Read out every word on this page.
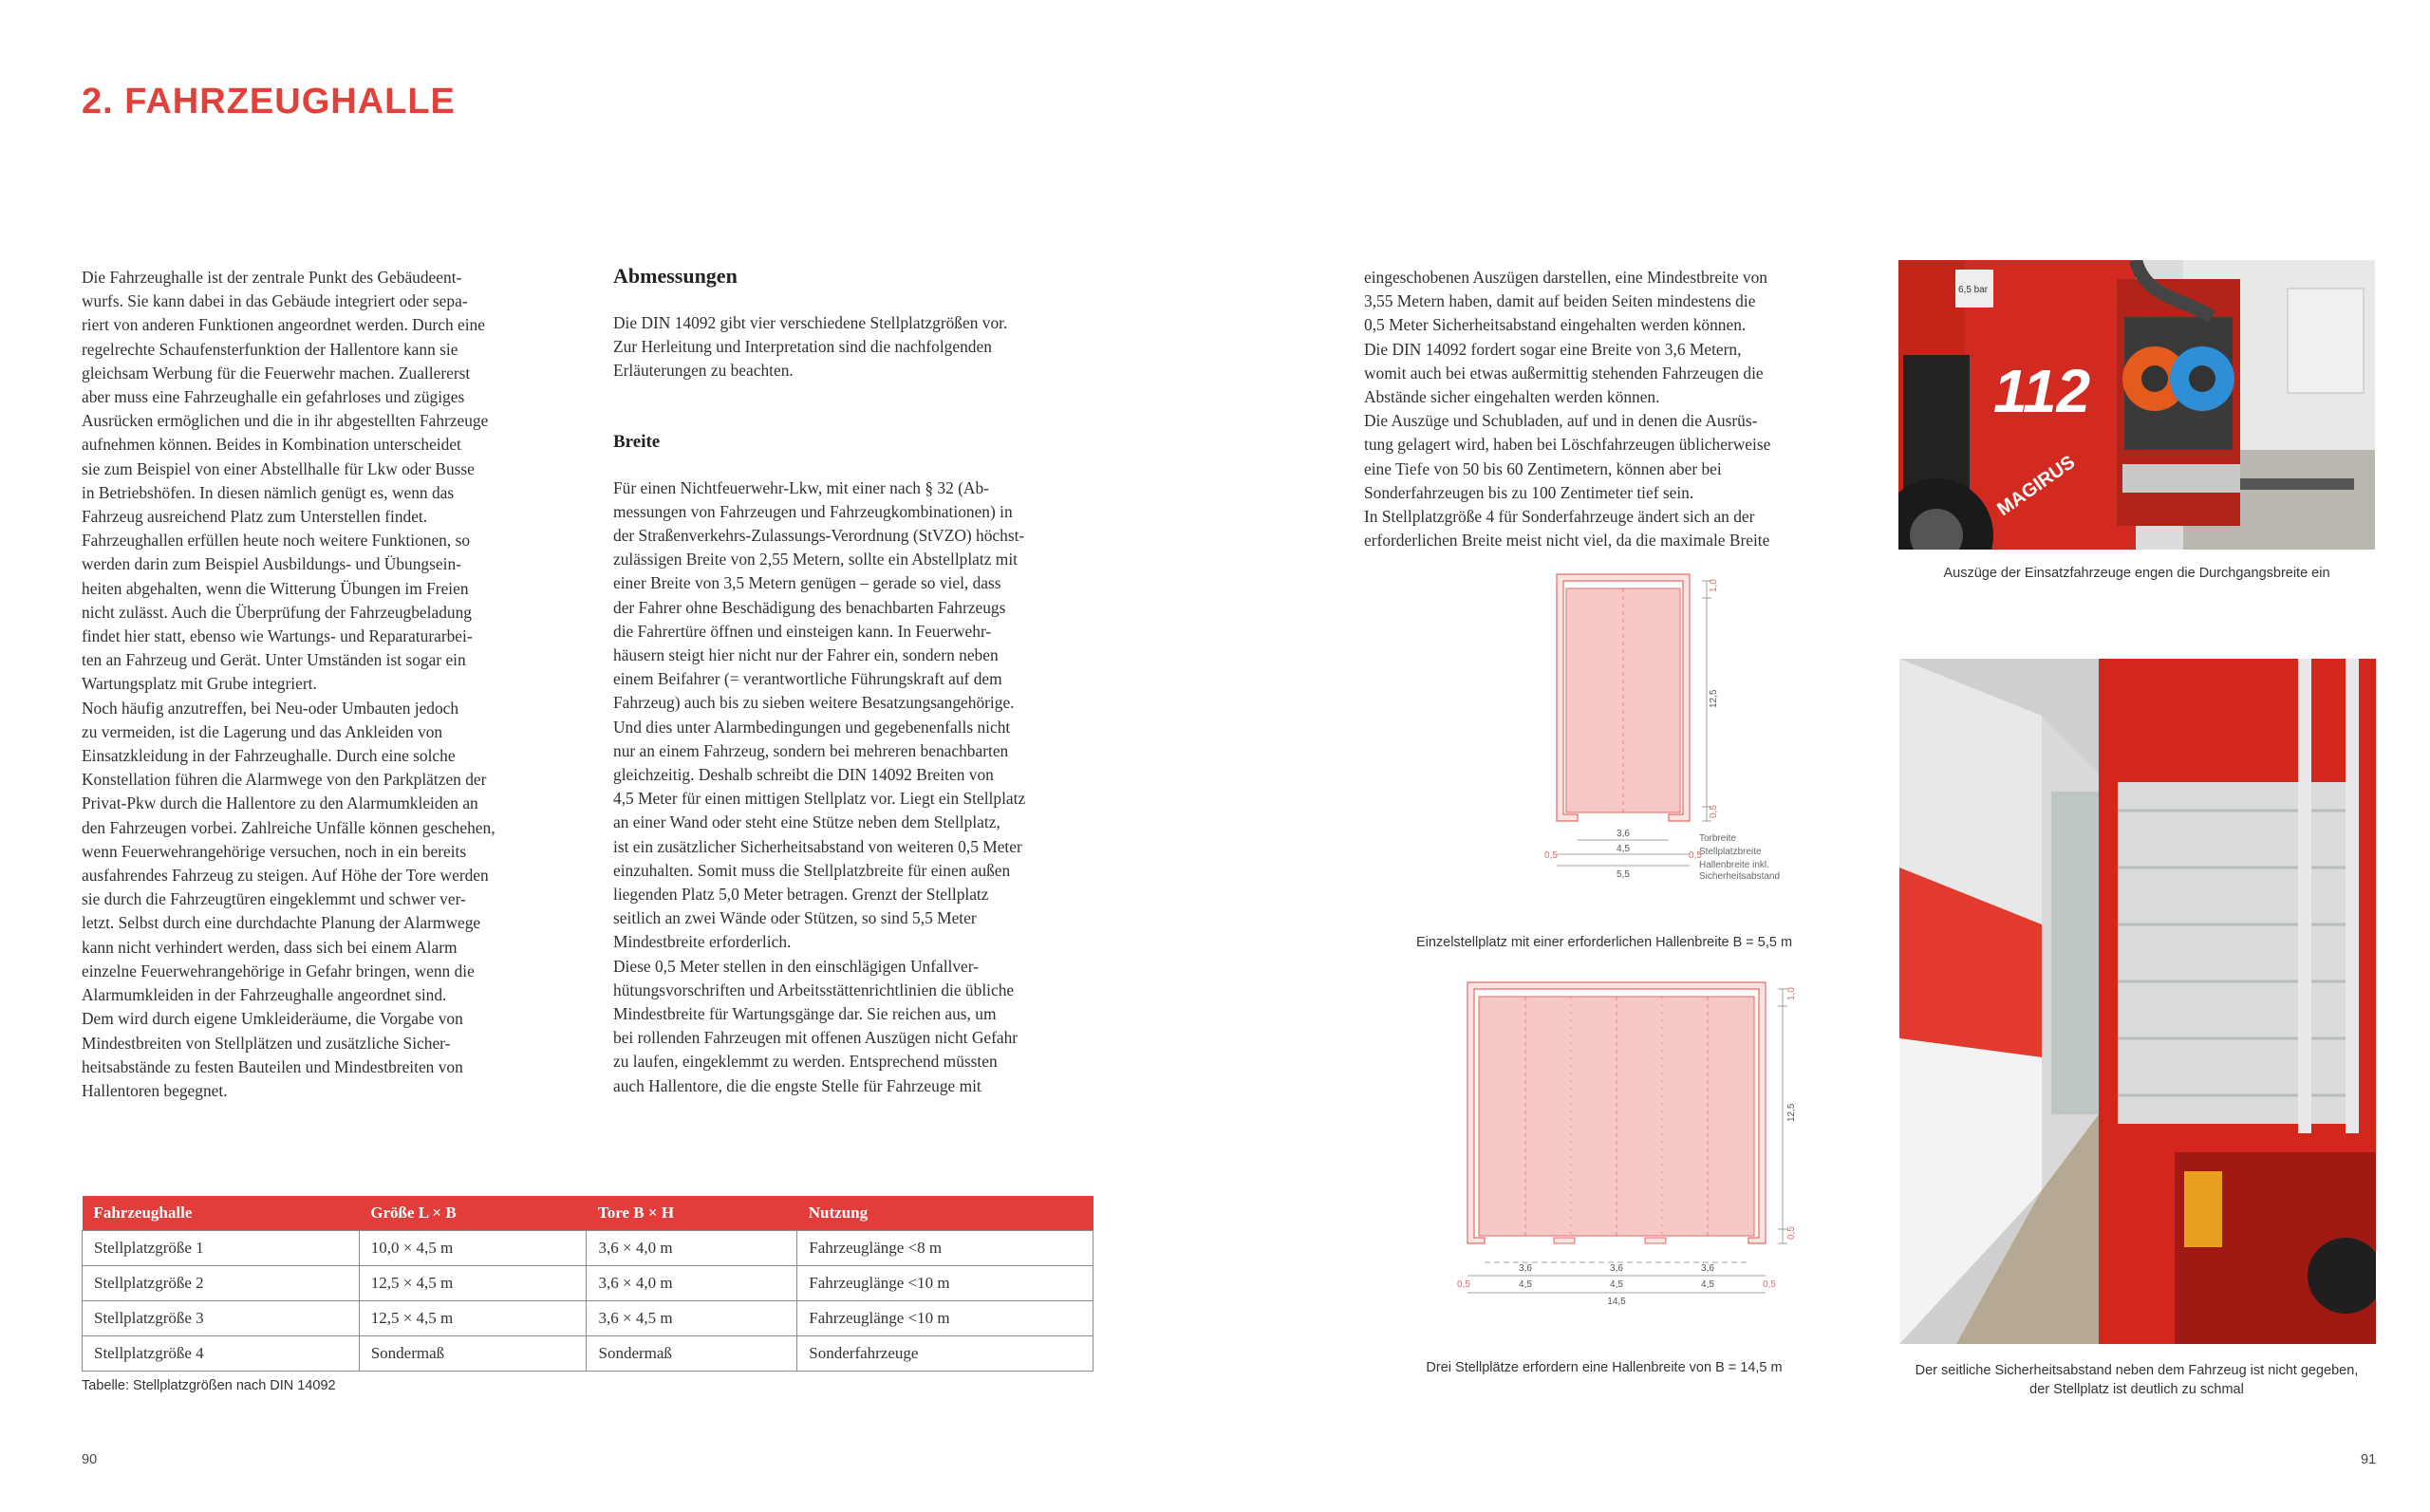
2. FAHRZEUGHALLE

Die Fahrzeughalle ist der zentrale Punkt des Gebäudeent-

wurfs. Sie kann dabei in das Gebäude integriert oder sepa-

riert von anderen Funktionen angeordnet werden. Durch eine

regelrechte Schaufensterfunktion der Hallentore kann sie

gleichsam Werbung für die Feuerwehr machen. Zuallererst

aber muss eine Fahrzeughalle ein gefahrloses und zügiges

Ausrücken ermöglichen und die in ihr abgestellten Fahrzeuge

aufnehmen können. Beides in Kombination unterscheidet

sie zum Beispiel von einer Abstellhalle für Lkw oder Busse

in Betriebshöfen. In diesen nämlich genügt es, wenn das

Fahrzeug ausreichend Platz zum Unterstellen findet.

Fahrzeughallen erfüllen heute noch weitere Funktionen, so

werden darin zum Beispiel Ausbildungs- und Übungsein-

heiten abgehalten, wenn die Witterung Übungen im Freien

nicht zulässt. Auch die Überprüfung der Fahrzeugbeladung

findet hier statt, ebenso wie Wartungs- und Reparaturarbei-

ten an Fahrzeug und Gerät. Unter Umständen ist sogar ein

Wartungsplatz mit Grube integriert.

Noch häufig anzutreffen, bei Neu-oder Umbauten jedoch

zu vermeiden, ist die Lagerung und das Ankleiden von

Einsatzkleidung in der Fahrzeughalle. Durch eine solche

Konstellation führen die Alarmwege von den Parkplätzen der

Privat-Pkw durch die Hallentore zu den Alarmumkleiden an

den Fahrzeugen vorbei. Zahlreiche Unfälle können geschehen,

wenn Feuerwehrangehörige versuchen, noch in ein bereits

ausfahrendes Fahrzeug zu steigen. Auf Höhe der Tore werden

sie durch die Fahrzeugtüren eingeklemmt und schwer ver-

letzt. Selbst durch eine durchdachte Planung der Alarmwege

kann nicht verhindert werden, dass sich bei einem Alarm

einzelne Feuerwehrangehörige in Gefahr bringen, wenn die

Alarmumkleiden in der Fahrzeughalle angeordnet sind.

Dem wird durch eigene Umkleideräume, die Vorgabe von

Mindestbreiten von Stellplätzen und zusätzliche Sicher-

heitsabstände zu festen Bauteilen und Mindestbreiten von

Hallentoren begegnet.

Abmessungen

Die DIN 14092 gibt vier verschiedene Stellplatzgrößen vor.

Zur Herleitung und Interpretation sind die nachfolgenden

Erläuterungen zu beachten.

Breite

Für einen Nichtfeuerwehr-Lkw, mit einer nach § 32 (Ab-

messungen von Fahrzeugen und Fahrzeugkombinationen) in

der Straßenverkehrs-Zulassungs-Verordnung (StVZO) höchst-

zulässigen Breite von 2,55 Metern, sollte ein Abstellplatz mit

einer Breite von 3,5 Metern genügen – gerade so viel, dass

der Fahrer ohne Beschädigung des benachbarten Fahrzeugs

die Fahrertüre öffnen und einsteigen kann. In Feuerwehr-

häusern steigt hier nicht nur der Fahrer ein, sondern neben

einem Beifahrer (= verantwortliche Führungskraft auf dem

Fahrzeug) auch bis zu sieben weitere Besatzungsangehörige.

Und dies unter Alarmbedingungen und gegebenenfalls nicht

nur an einem Fahrzeug, sondern bei mehreren benachbarten

gleichzeitig. Deshalb schreibt die DIN 14092 Breiten von

4,5 Meter für einen mittigen Stellplatz vor. Liegt ein Stellplatz

an einer Wand oder steht eine Stütze neben dem Stellplatz,

ist ein zusätzlicher Sicherheitsabstand von weiteren 0,5 Meter

einzuhalten. Somit muss die Stellplatzbreite für einen außen

liegenden Platz 5,0 Meter betragen. Grenzt der Stellplatz

seitlich an zwei Wände oder Stützen, so sind 5,5 Meter

Mindestbreite erforderlich.

Diese 0,5 Meter stellen in den einschlägigen Unfallver-

hütungsvorschriften und Arbeitsstättenrichtlinien die übliche

Mindestbreite für Wartungsgänge dar. Sie reichen aus, um

bei rollenden Fahrzeugen mit offenen Auszügen nicht Gefahr

zu laufen, eingeklemmt zu werden. Entsprechend müssten

auch Hallentore, die die engste Stelle für Fahrzeuge mit

eingeschobenen Auszügen darstellen, eine Mindestbreite von

3,55 Metern haben, damit auf beiden Seiten mindestens die

0,5 Meter Sicherheitsabstand eingehalten werden können.

Die DIN 14092 fordert sogar eine Breite von 3,6 Metern,

womit auch bei etwas außermittig stehenden Fahrzeugen die

Abstände sicher eingehalten werden können.

Die Auszüge und Schubladen, auf und in denen die Ausrüs-

tung gelagert wird, haben bei Löschfahrzeugen üblicherweise

eine Tiefe von 50 bis 60 Zentimetern, können aber bei

Sonderfahrzeugen bis zu 100 Zentimeter tief sein.

In Stellplatzgröße 4 für Sonderfahrzeuge ändert sich an der

erforderlichen Breite meist nicht viel, da die maximale Breite

Fahrzeughalle	Größe L × B	Tore B × H	Nutzung
Stellplatzgröße 1	10,0 × 4,5 m	3,6 × 4,0 m	Fahrzeuglänge <8 m
Stellplatzgröße 2	12,5 × 4,5 m	3,6 × 4,0 m	Fahrzeuglänge <10 m
Stellplatzgröße 3	12,5 × 4,5 m	3,6 × 4,5 m	Fahrzeuglänge <10 m
Stellplatzgröße 4	Sondermaß	Sondermaß	Sonderfahrzeuge
Tabelle: Stellplatzgrößen nach DIN 14092
1,0
12,5
0,5
3,6
0,5
4,5
0,5
5,5
Torbreite
Stellplatzbreite
Hallenbreite inkl.
Sicherheitsabstand
Einzelstellplatz mit einer erforderlichen Hallenbreite B = 5,5 m
1,0
12,5
0,5
3,6	3,6	3,6
0,5	4,5	4,5	4,5	0,5
14,5
Drei Stellplätze erfordern eine Hallenbreite von B = 14,5 m
6,5 bar
112
MAGIRUS
Auszüge der Einsatzfahrzeuge engen die Durchgangsbreite ein
Der seitliche Sicherheitsabstand neben dem Fahrzeug ist nicht gegeben,
der Stellplatz ist deutlich zu schmal
90	91
